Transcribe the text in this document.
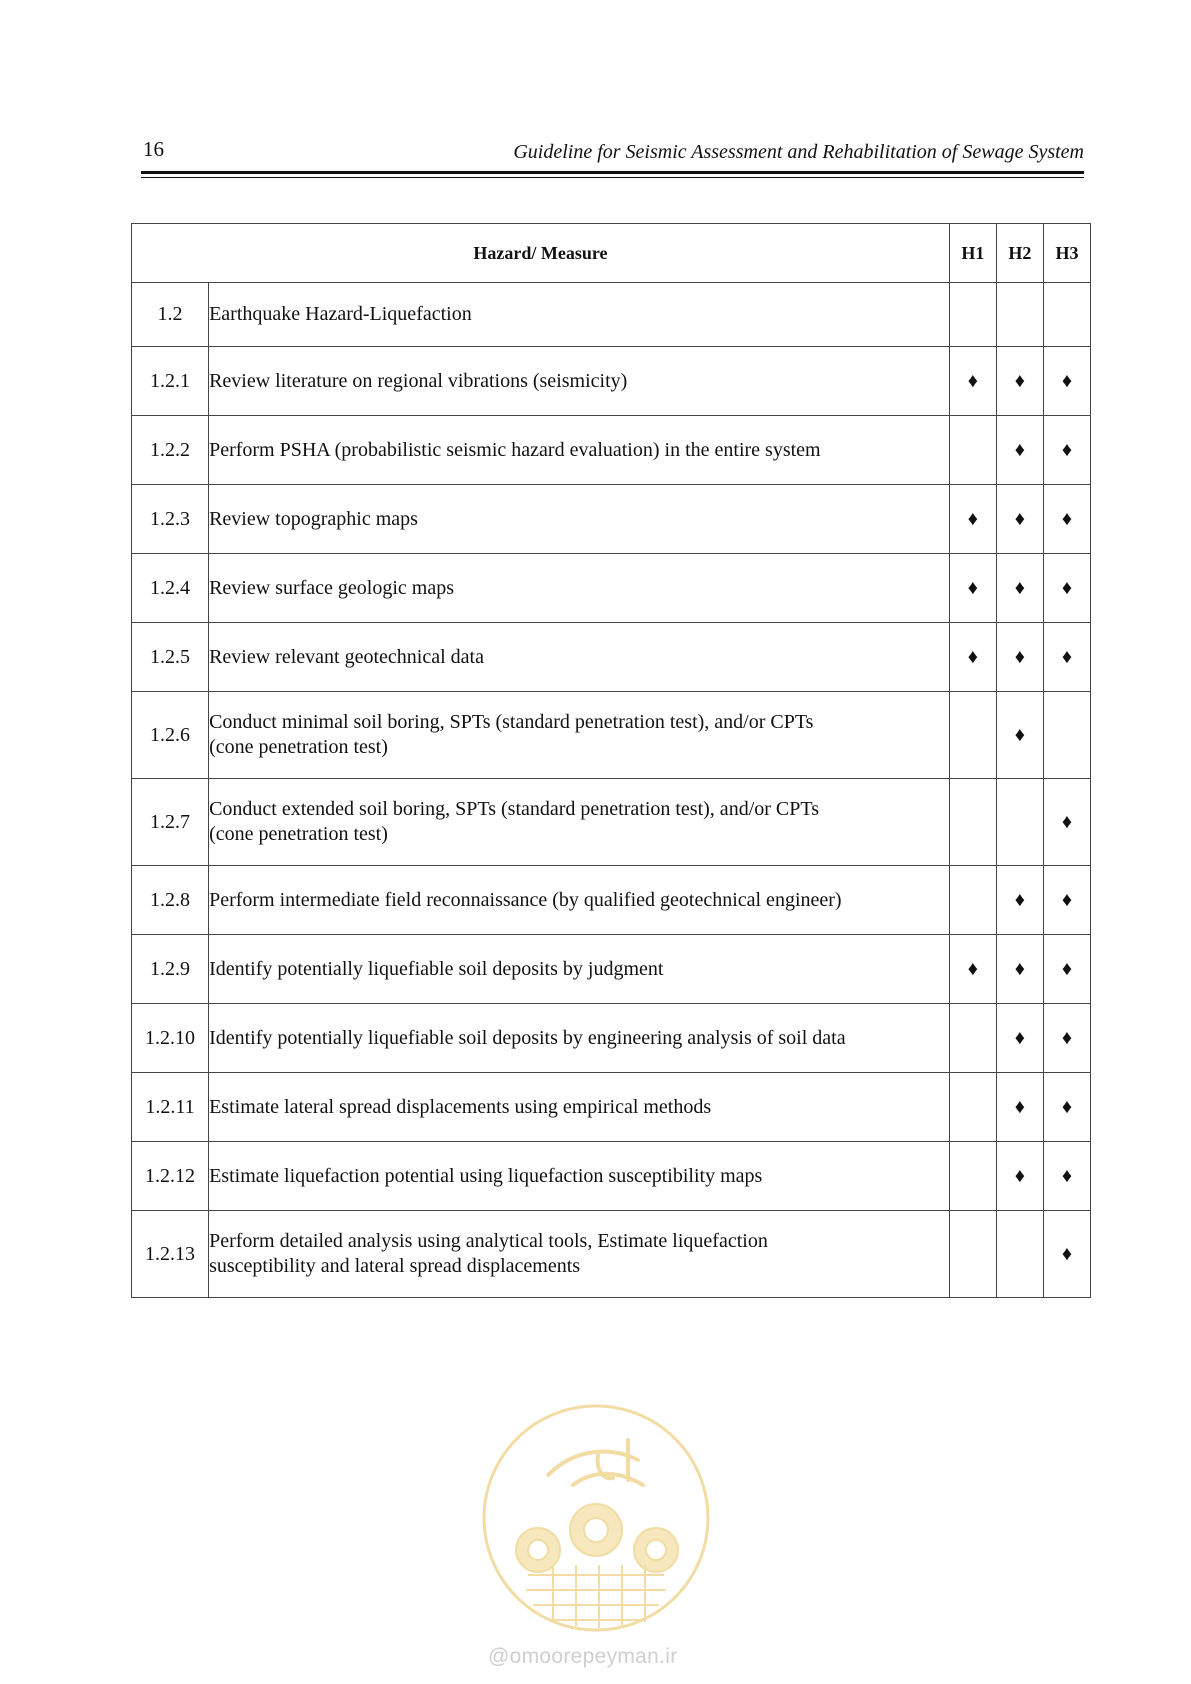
16	Guideline for Seismic Assessment and Rehabilitation of Sewage System
Hazard/ Measure		H1	H2	H3
1.2	Earthquake Hazard-Liquefaction			
1.2.1	Review literature on regional vibrations (seismicity)	♦	♦	♦
1.2.2	Perform PSHA (probabilistic seismic hazard evaluation) in the entire system		♦	♦
1.2.3	Review topographic maps	♦	♦	♦
1.2.4	Review surface geologic maps	♦	♦	♦
1.2.5	Review relevant geotechnical data	♦	♦	♦
1.2.6	Conduct minimal soil boring, SPTs (standard penetration test), and/or CPTs
(cone penetration test)		♦	
1.2.7	Conduct extended soil boring, SPTs (standard penetration test), and/or CPTs
(cone penetration test)			♦
1.2.8	Perform intermediate field reconnaissance (by qualified geotechnical engineer)		♦	♦
1.2.9	Identify potentially liquefiable soil deposits by judgment	♦	♦	♦
1.2.10	Identify potentially liquefiable soil deposits by engineering analysis of soil data		♦	♦
1.2.11	Estimate lateral spread displacements using empirical methods		♦	♦
1.2.12	Estimate liquefaction potential using liquefaction susceptibility maps		♦	♦
1.2.13	Perform detailed analysis using analytical tools, Estimate liquefaction
susceptibility and lateral spread displacements			♦
@omoorepeyman.ir
